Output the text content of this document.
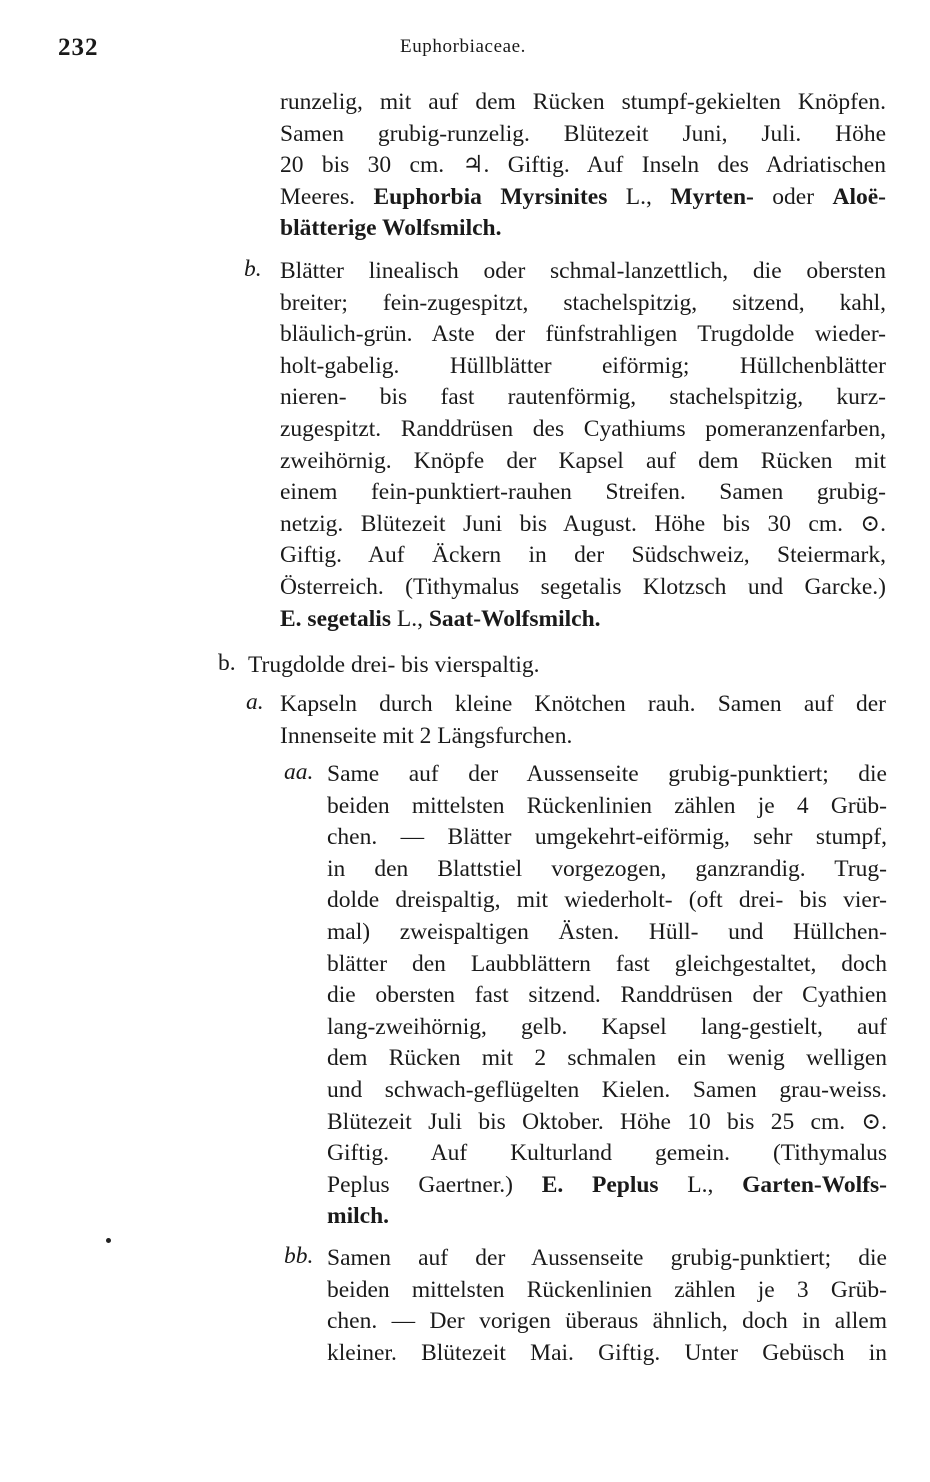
232	Euphorbiaceae.
runzelig, mit auf dem Rücken stumpf-gekielten Knöpfen.
Samen grubig-runzelig. Blütezeit Juni, Juli. Höhe
20 bis 30 cm. ♃. Giftig. Auf Inseln des Adriatischen
Meeres. Euphorbia Myrsinites L., Myrten- oder Aloë-
blätterige Wolfsmilch.
b. Blätter linealisch oder schmal-lanzettlich, die obersten
breiter; fein-zugespitzt, stachelspitzig, sitzend, kahl,
bläulich-grün. Aste der fünfstrahligen Trugdolde wieder-
holt-gabelig. Hüllblätter eiförmig; Hüllchenblätter
nieren- bis fast rautenförmig, stachelspitzig, kurz-
zugespitzt. Randdrüsen des Cyathiums pomeranzenfarben,
zweihörnig. Knöpfe der Kapsel auf dem Rücken mit
einem fein-punktiert-rauhen Streifen. Samen grubig-
netzig. Blütezeit Juni bis August. Höhe bis 30 cm. ⊙.
Giftig. Auf Äckern in der Südschweiz, Steiermark,
Österreich. (Tithymalus segetalis Klotzsch und Garcke.)
E. segetalis L., Saat-Wolfsmilch.
b. Trugdolde drei- bis vierspaltig.
a. Kapseln durch kleine Knötchen rauh. Samen auf der
Innenseite mit 2 Längsfurchen.
aa. Same auf der Aussenseite grubig-punktiert; die
beiden mittelsten Rückenlinien zählen je 4 Grüb-
chen. — Blätter umgekehrt-eiförmig, sehr stumpf,
in den Blattstiel vorgezogen, ganzrandig. Trug-
dolde dreispaltig, mit wiederholt- (oft drei- bis vier-
mal) zweispaltigen Ästen. Hüll- und Hüllchen-
blätter den Laubblättern fast gleichgestaltet, doch
die obersten fast sitzend. Randdrüsen der Cyathien
lang-zweihörnig, gelb. Kapsel lang-gestielt, auf
dem Rücken mit 2 schmalen ein wenig welligen
und schwach-geflügelten Kielen. Samen grau-weiss.
Blütezeit Juli bis Oktober. Höhe 10 bis 25 cm. ⊙.
Giftig. Auf Kulturland gemein. (Tithymalus
Peplus Gaertner.) E. Peplus L., Garten-Wolfs-
milch.
bb. Samen auf der Aussenseite grubig-punktiert; die
beiden mittelsten Rückenlinien zählen je 3 Grüb-
chen. — Der vorigen überaus ähnlich, doch in allem
kleiner. Blütezeit Mai. Giftig. Unter Gebüsch in
